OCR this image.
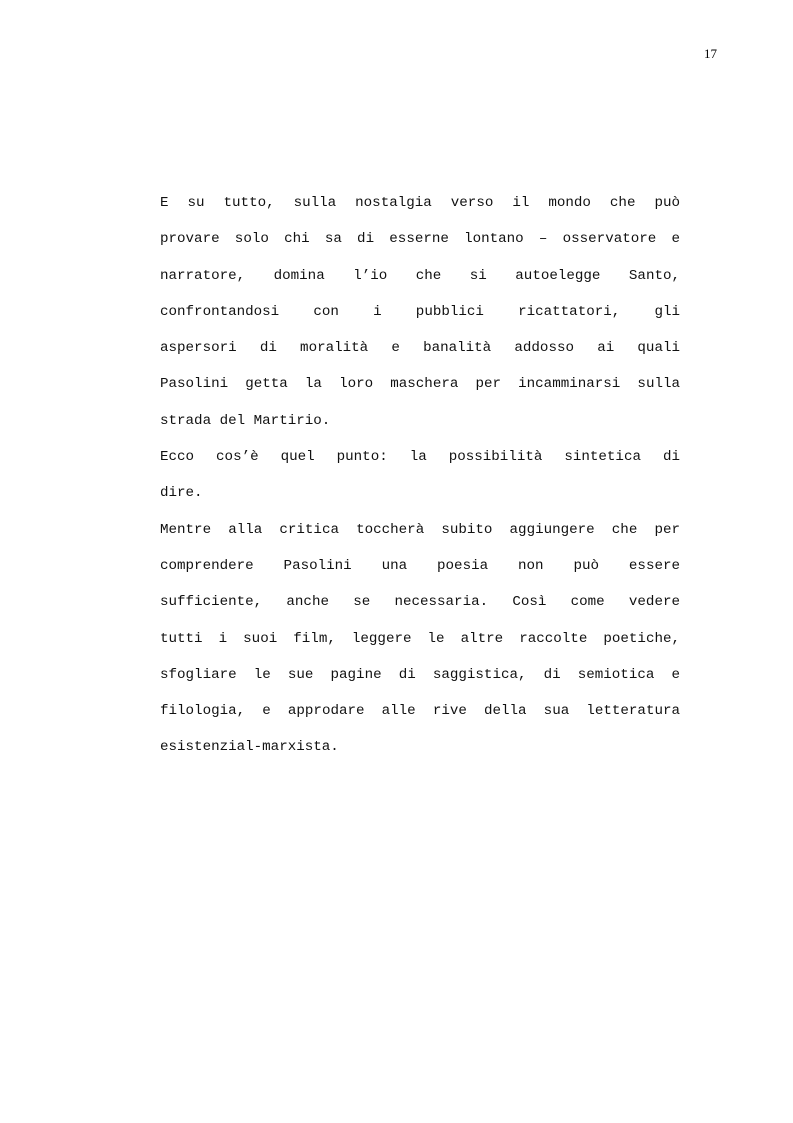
17
E su tutto, sulla nostalgia verso il mondo che può
provare solo chi sa di esserne lontano – osservatore e
narratore, domina l’io che si autoelegge Santo,
confrontandosi con i pubblici ricattatori, gli
aspersori di moralità e banalità addosso ai quali
Pasolini getta la loro maschera per incamminarsi sulla
strada del Martirio.
Ecco cos’è quel punto: la possibilità sintetica di
dire.
Mentre alla critica toccherà subito aggiungere che per
comprendere Pasolini una poesia non può essere
sufficiente, anche se necessaria. Così come vedere
tutti i suoi film, leggere le altre raccolte poetiche,
sfogliare le sue pagine di saggistica, di semiotica e
filologia, e approdare alle rive della sua letteratura
esistenzial-marxista.
